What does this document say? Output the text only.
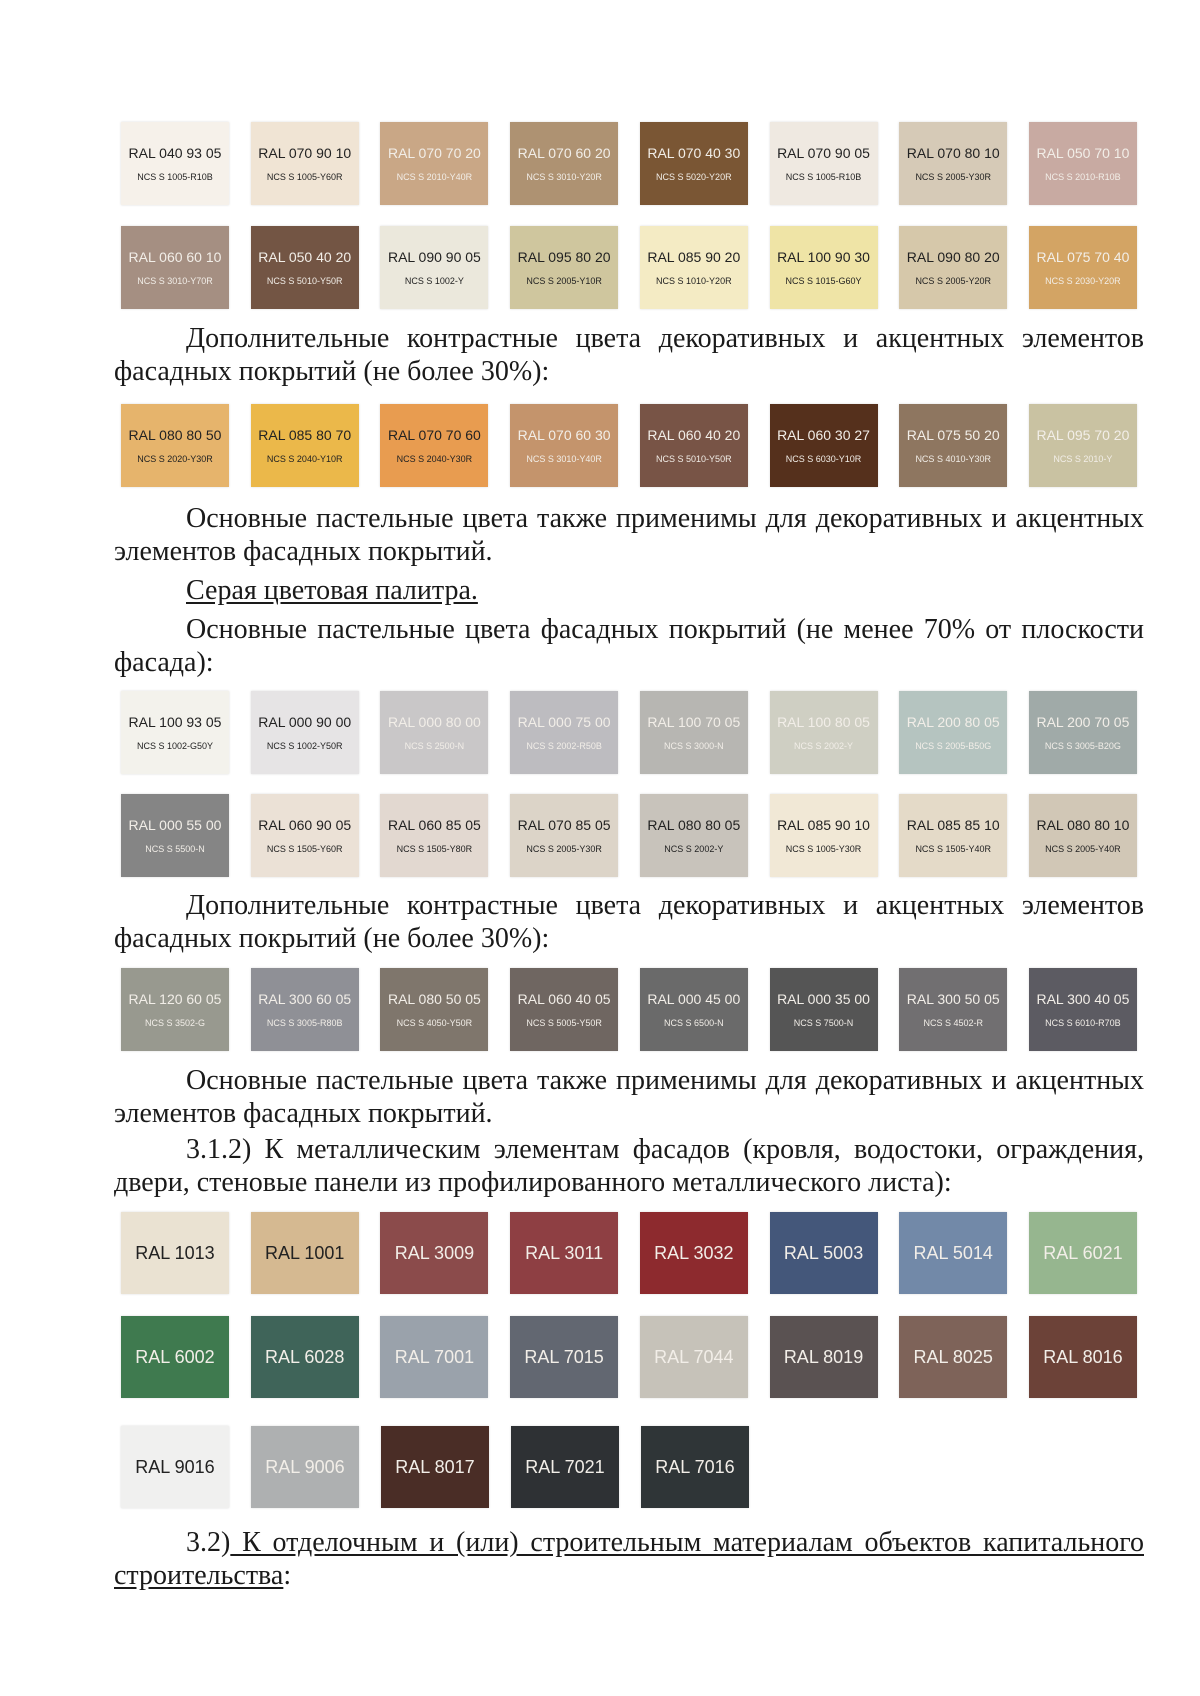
RAL 040 93 05
NCS S 1005-R10B
RAL 070 90 10
NCS S 1005-Y60R
RAL 070 70 20
NCS S 2010-Y40R
RAL 070 60 20
NCS S 3010-Y20R
RAL 070 40 30
NCS S 5020-Y20R
RAL 070 90 05
NCS S 1005-R10B
RAL 070 80 10
NCS S 2005-Y30R
RAL 050 70 10
NCS S 2010-R10B
RAL 060 60 10
NCS S 3010-Y70R
RAL 050 40 20
NCS S 5010-Y50R
RAL 090 90 05
NCS S 1002-Y
RAL 095 80 20
NCS S 2005-Y10R
RAL 085 90 20
NCS S 1010-Y20R
RAL 100 90 30
NCS S 1015-G60Y
RAL 090 80 20
NCS S 2005-Y20R
RAL 075 70 40
NCS S 2030-Y20R

Дополнительные контрастные цвета декоративных и акцентных элементов фасадных покрытий (не более 30%):

RAL 080 80 50
NCS S 2020-Y30R
RAL 085 80 70
NCS S 2040-Y10R
RAL 070 70 60
NCS S 2040-Y30R
RAL 070 60 30
NCS S 3010-Y40R
RAL 060 40 20
NCS S 5010-Y50R
RAL 060 30 27
NCS S 6030-Y10R
RAL 075 50 20
NCS S 4010-Y30R
RAL 095 70 20
NCS S 2010-Y

Основные пастельные цвета также применимы для декоративных и акцентных элементов фасадных покрытий.

Серая цветовая палитра.

Основные пастельные цвета фасадных покрытий (не менее 70% от плоскости фасада):

RAL 100 93 05
NCS S 1002-G50Y
RAL 000 90 00
NCS S 1002-Y50R
RAL 000 80 00
NCS S 2500-N
RAL 000 75 00
NCS S 2002-R50B
RAL 100 70 05
NCS S 3000-N
RAL 100 80 05
NCS S 2002-Y
RAL 200 80 05
NCS S 2005-B50G
RAL 200 70 05
NCS S 3005-B20G
RAL 000 55 00
NCS S 5500-N
RAL 060 90 05
NCS S 1505-Y60R
RAL 060 85 05
NCS S 1505-Y80R
RAL 070 85 05
NCS S 2005-Y30R
RAL 080 80 05
NCS S 2002-Y
RAL 085 90 10
NCS S 1005-Y30R
RAL 085 85 10
NCS S 1505-Y40R
RAL 080 80 10
NCS S 2005-Y40R

Дополнительные контрастные цвета декоративных и акцентных элементов фасадных покрытий (не более 30%):

RAL 120 60 05
NCS S 3502-G
RAL 300 60 05
NCS S 3005-R80B
RAL 080 50 05
NCS S 4050-Y50R
RAL 060 40 05
NCS S 5005-Y50R
RAL 000 45 00
NCS S 6500-N
RAL 000 35 00
NCS S 7500-N
RAL 300 50 05
NCS S 4502-R
RAL 300 40 05
NCS S 6010-R70B

Основные пастельные цвета также применимы для декоративных и акцентных элементов фасадных покрытий.

3.1.2) К металлическим элементам фасадов (кровля, водостоки, ограждения, двери, стеновые панели из профилированного металлического листа):

RAL 1013	RAL 1001	RAL 3009	RAL 3011	RAL 3032	RAL 5003	RAL 5014	RAL 6021
RAL 6002	RAL 6028	RAL 7001	RAL 7015	RAL 7044	RAL 8019	RAL 8025	RAL 8016
RAL 9016	RAL 9006	RAL 8017	RAL 7021	RAL 7016

3.2) К отделочным и (или) строительным материалам объектов капитального строительства:
